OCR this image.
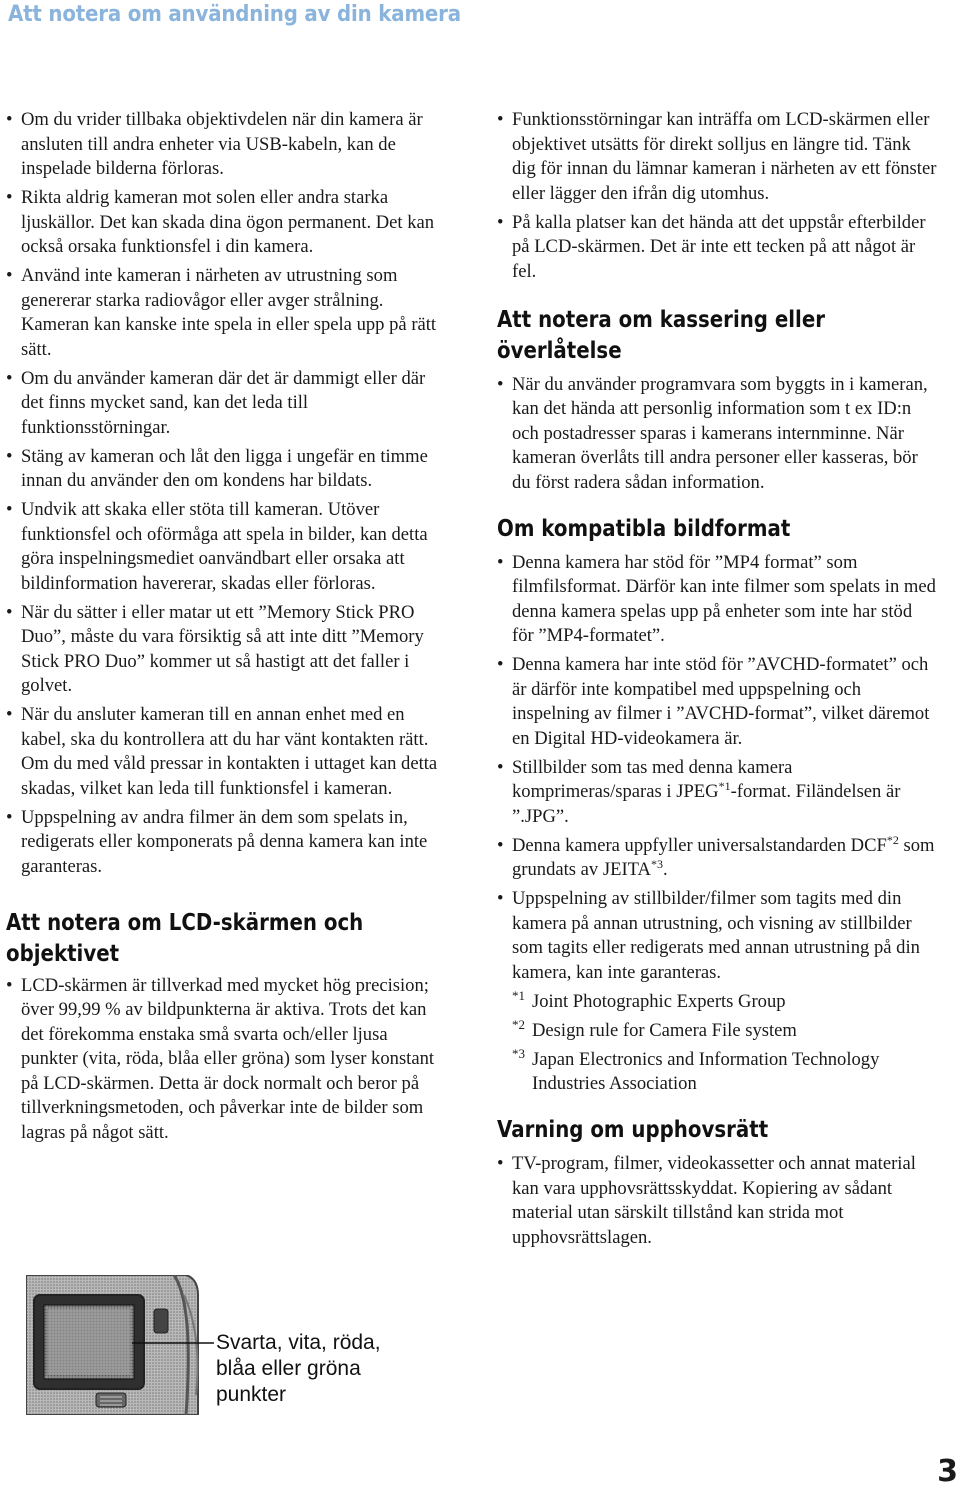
Att notera om användning av din kamera
• Om du vrider tillbaka objektivdelen när din kamera är ansluten till andra enheter via USB-kabeln, kan de inspelade bilderna förloras.
• Rikta aldrig kameran mot solen eller andra starka ljuskällor. Det kan skada dina ögon permanent. Det kan också orsaka funktionsfel i din kamera.
• Använd inte kameran i närheten av utrustning som genererar starka radiovågor eller avger strålning. Kameran kan kanske inte spela in eller spela upp på rätt sätt.
• Om du använder kameran där det är dammigt eller där det finns mycket sand, kan det leda till funktionsstörningar.
• Stäng av kameran och låt den ligga i ungefär en timme innan du använder den om kondens har bildats.
• Undvik att skaka eller stöta till kameran. Utöver funktionsfel och oförmåga att spela in bilder, kan detta göra inspelningsmediet oanvändbart eller orsaka att bildinformation havererar, skadas eller förloras.
• När du sätter i eller matar ut ett ”Memory Stick PRO Duo”, måste du vara försiktig så att inte ditt ”Memory Stick PRO Duo” kommer ut så hastigt att det faller i golvet.
• När du ansluter kameran till en annan enhet med en kabel, ska du kontrollera att du har vänt kontakten rätt. Om du med våld pressar in kontakten i uttaget kan detta skadas, vilket kan leda till funktionsfel i kameran.
• Uppspelning av andra filmer än dem som spelats in, redigerats eller komponerats på denna kamera kan inte garanteras.
Att notera om LCD-skärmen och
objektivet
• LCD-skärmen är tillverkad med mycket hög precision; över 99,99 % av bildpunkterna är aktiva. Trots det kan det förekomma enstaka små svarta och/eller ljusa punkter (vita, röda, blåa eller gröna) som lyser konstant på LCD-skärmen. Detta är dock normalt och beror på tillverkningsmetoden, och påverkar inte de bilder som lagras på något sätt.
Svarta, vita, röda,
blåa eller gröna
punkter
• Funktionsstörningar kan inträffa om LCD-skärmen eller objektivet utsätts för direkt solljus en längre tid. Tänk dig för innan du lämnar kameran i närheten av ett fönster eller lägger den ifrån dig utomhus.
• På kalla platser kan det hända att det uppstår efterbilder på LCD-skärmen. Det är inte ett tecken på att något är fel.
Att notera om kassering eller
överlåtelse
• När du använder programvara som byggts in i kameran, kan det hända att personlig information som t ex ID:n och postadresser sparas i kamerans internminne. När kameran överlåts till andra personer eller kasseras, bör du först radera sådan information.
Om kompatibla bildformat
• Denna kamera har stöd för ”MP4 format” som filmfilsformat. Därför kan inte filmer som spelats in med denna kamera spelas upp på enheter som inte har stöd för ”MP4-formatet”.
• Denna kamera har inte stöd för ”AVCHD-formatet” och är därför inte kompatibel med uppspelning och inspelning av filmer i ”AVCHD-format”, vilket däremot en Digital HD-videokamera är.
• Stillbilder som tas med denna kamera komprimeras/sparas i JPEG$^{*1}$-format. Filändelsen är ”.JPG”.
• Denna kamera uppfyller universalstandarden DCF$^{*2}$ som grundats av JEITA$^{*3}$.
• Uppspelning av stillbilder/filmer som tagits med din kamera på annan utrustning, och visning av stillbilder som tagits eller redigerats med annan utrustning på din kamera, kan inte garanteras.
*1 Joint Photographic Experts Group
*2 Design rule for Camera File system
*3 Japan Electronics and Information Technology Industries Association
Varning om upphovsrätt
• TV-program, filmer, videokassetter och annat material kan vara upphovsrättsskyddat. Kopiering av sådant material utan särskilt tillstånd kan strida mot upphovsrättslagen.
3
